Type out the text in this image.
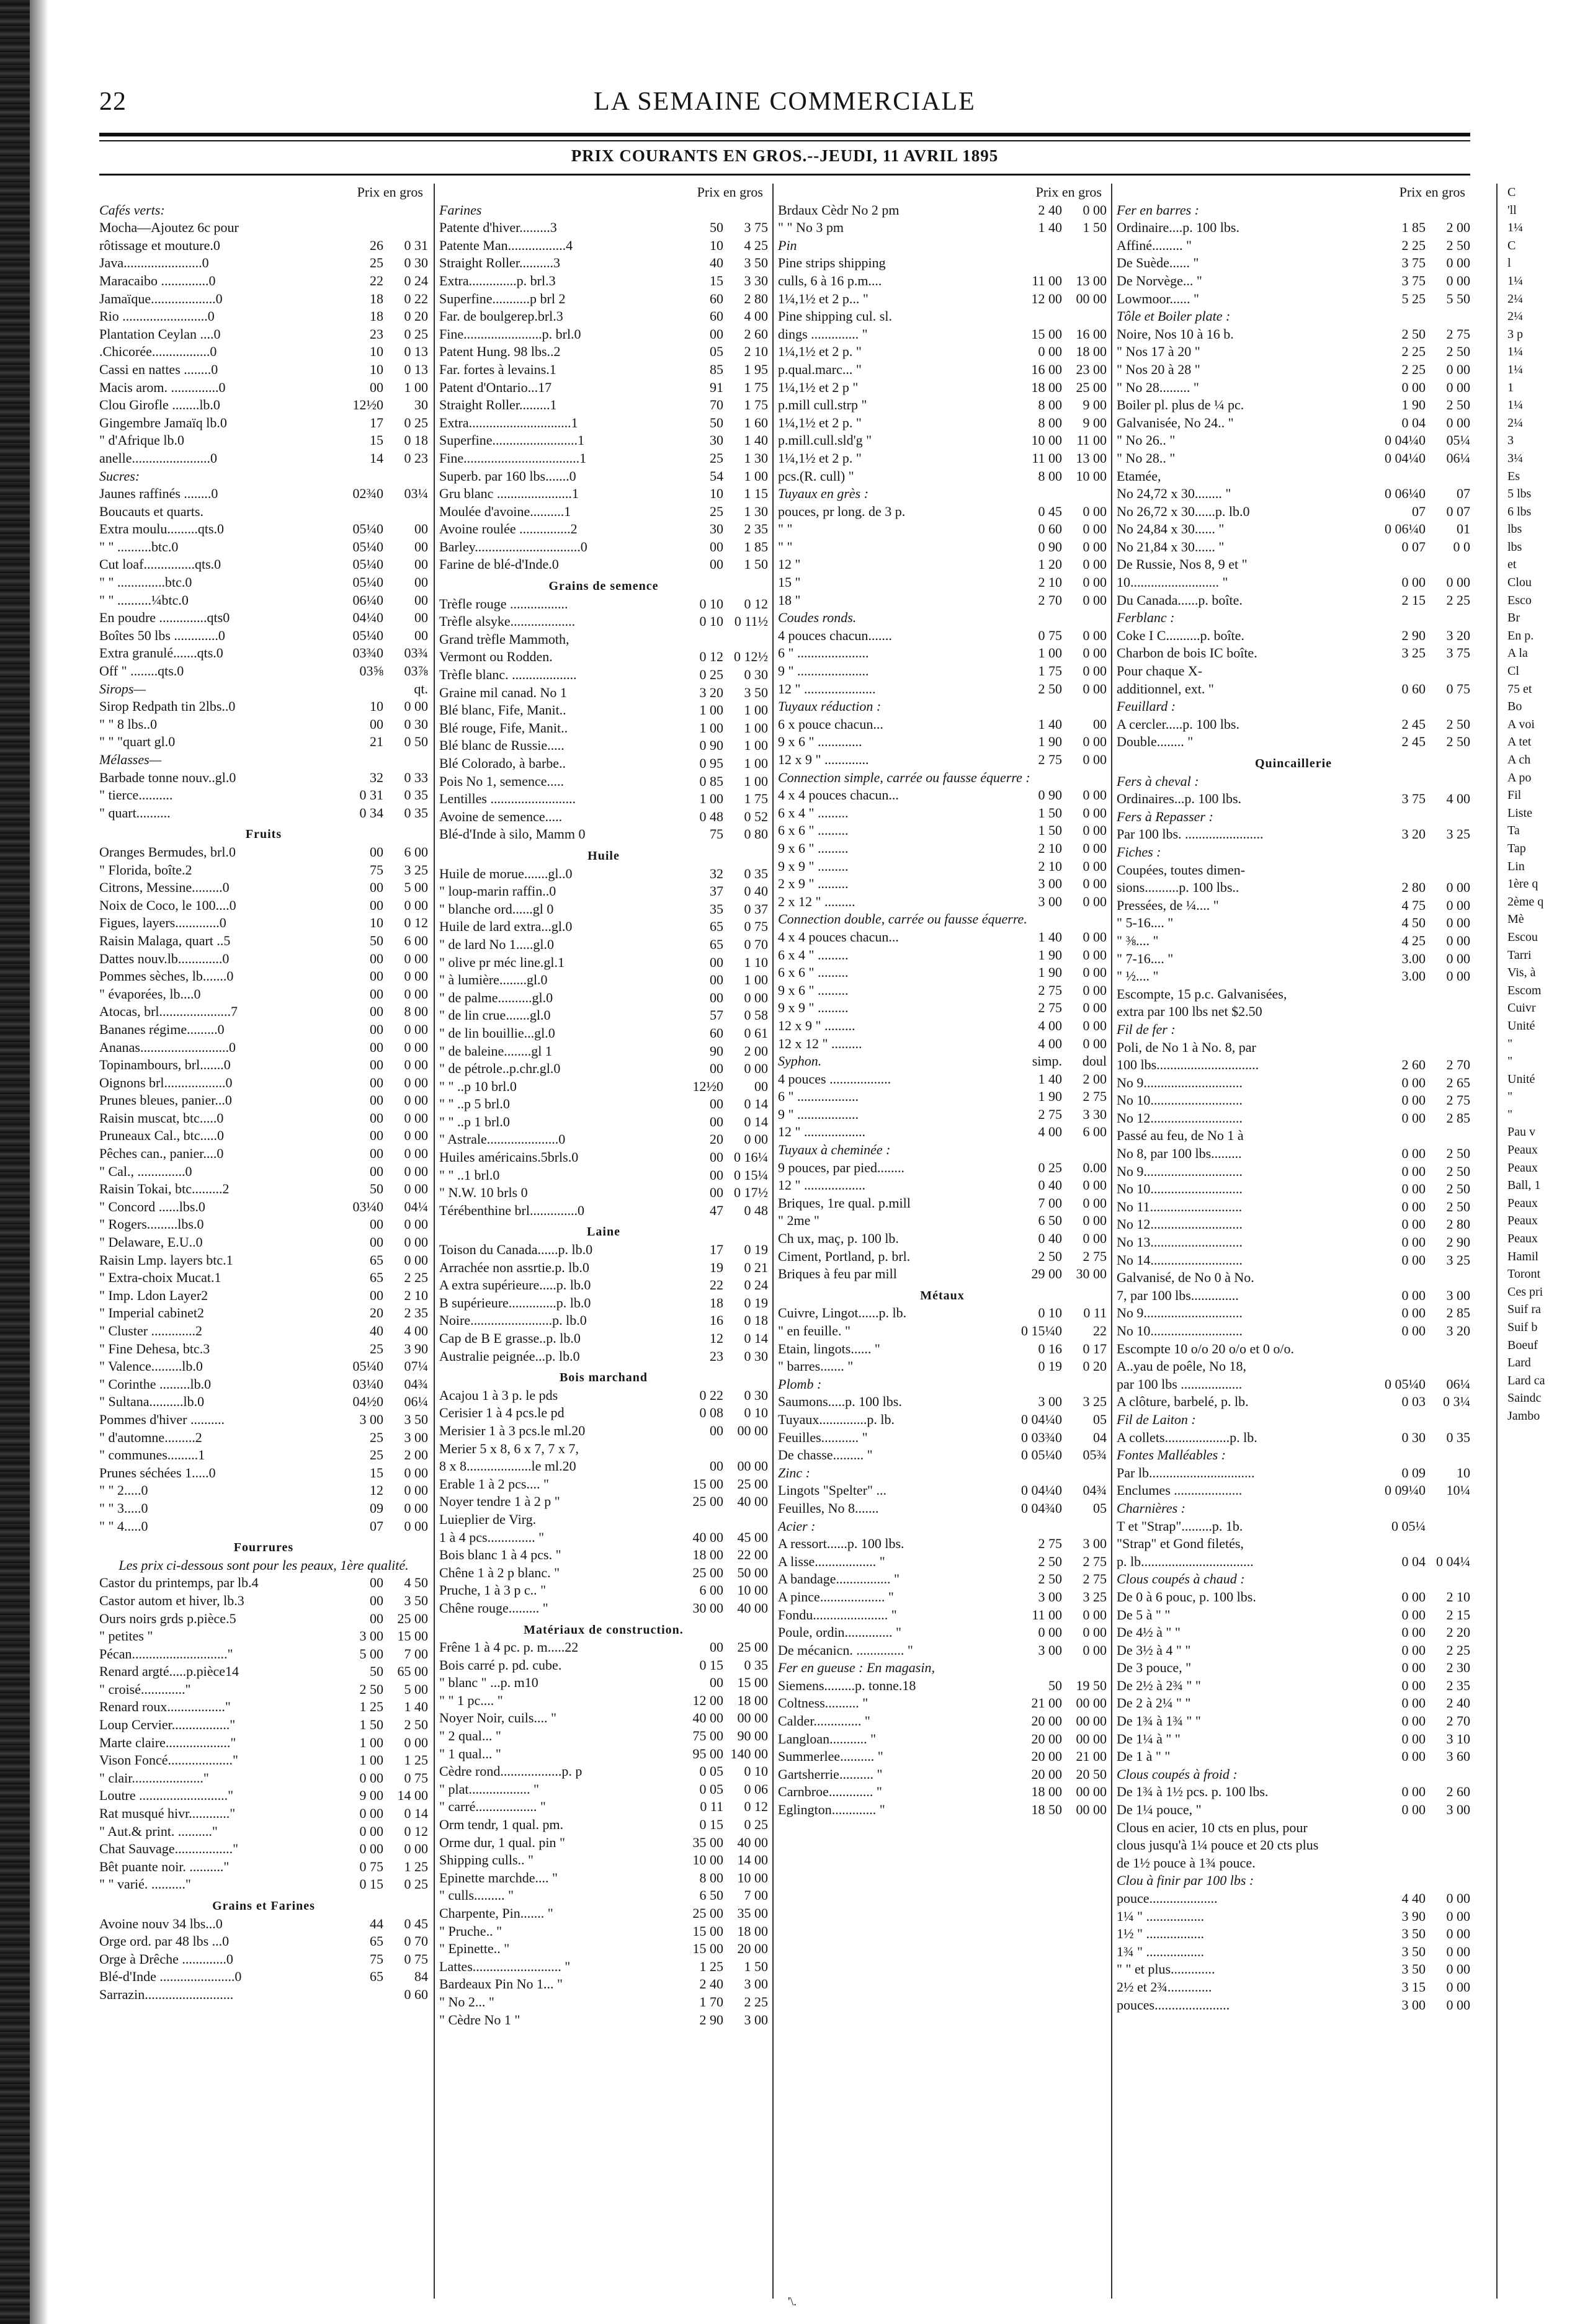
22	LA SEMAINE COMMERCIALE
PRIX COURANTS EN GROS.--JEUDI, 11 AVRIL 1895
Prix en gros
Cafés verts:
Mocha—Ajoutez 6c pour
rôtissage et mouture.0	26	0 31
Java.......................0	25	0 30
Maracaibo ..............0	22	0 24
Jamaïque...................0	18	0 22
Rio .........................0	18	0 20
Plantation Ceylan ....0	23	0 25
.Chicorée.................0	10	0 13
Cassi en nattes ........0	10	0 13
Macis arom. ..............0	00	1 00
Clou Girofle ........lb.0	12½0	30
Gingembre Jamaïq lb.0	17	0 25
" d'Afrique lb.0	15	0 18
anelle.......................0	14	0 23
Sucres:
Jaunes raffinés ........0	02¾0	03¼
Boucauts et quarts.
Extra moulu.........qts.0	05¼0	00
" " ..........btc.0	05¼0	00
Cut loaf...............qts.0	05¼0	00
" " ..............btc.0	05¼0	00
" " ..........¼btc.0	06¼0	00
En poudre ..............qts0	04¼0	00
Boîtes 50 lbs .............0	05¼0	00
Extra granulé.......qts.0	03¾0	03¾
Off " ........qts.0	03⅝	03⅞
Sirops—	qt.
Sirop Redpath tin 2lbs..0	10	0 00
" " 8 lbs..0	00	0 30
" " "quart gl.0	21	0 50
Mélasses—
Barbade tonne nouv..gl.0	32	0 33
" tierce..........	0 31	0 35
" quart..........	0 34	0 35
Fruits
Oranges Bermudes, brl.0	00	6 00
" Florida, boîte.2	75	3 25
Citrons, Messine.........0	00	5 00
Noix de Coco, le 100....0	00	0 00
Figues, layers.............0	10	0 12
Raisin Malaga, quart ..5	50	6 00
Dattes nouv.lb.............0	00	0 00
Pommes sèches, lb.......0	00	0 00
" évaporées, lb....0	00	0 00
Atocas, brl.....................7	00	8 00
Bananes régime.........0	00	0 00
Ananas..........................0	00	0 00
Topinambours, brl.......0	00	0 00
Oignons brl..................0	00	0 00
Prunes bleues, panier...0	00	0 00
Raisin muscat, btc.....0	00	0 00
Pruneaux Cal., btc.....0	00	0 00
Pêches can., panier....0	00	0 00
" Cal., ..............0	00	0 00
Raisin Tokai, btc.........2	50	0 00
" Concord ......lbs.0	03¼0	04¼
" Rogers.........lbs.0	00	0 00
" Delaware, E.U..0	00	0 00
Raisin Lmp. layers btc.1	65	0 00
" Extra-choix Mucat.1	65	2 25
" Imp. Ldon Layer2	00	2 10
" Imperial cabinet2	20	2 35
" Cluster .............2	40	4 00
" Fine Dehesa, btc.3	25	3 90
" Valence.........lb.0	05¼0	07¼
" Corinthe .........lb.0	03¼0	04¾
" Sultana..........lb.0	04½0	06¼
Pommes d'hiver ..........	3 00	3 50
" d'automne.........2	25	3 00
" communes.........1	25	2 00
Prunes séchées 1.....0	15	0 00
" " 2.....0	12	0 00
" " 3.....0	09	0 00
" " 4.....0	07	0 00
Fourrures
Les prix ci-dessous sont pour les peaux, 1ère qualité.
Castor du printemps, par lb.4	00	4 50
Castor autom et hiver, lb.3	00	3 50
Ours noirs grds p.pièce.5	00	25 00
" petites "	3 00	15 00
Pécan............................"	5 00	7 00
Renard argté.....p.pièce14	50	65 00
" croisé............."	2 50	5 00
Renard roux................."	1 25	1 40
Loup Cervier................."	1 50	2 50
Marte claire..................."	1 00	0 00
Vison Foncé..................."	1 00	1 25
" clair....................."	0 00	0 75
Loutre .........................."	9 00	14 00
Rat musqué hivr............"	0 00	0 14
" Aut.& print. .........."	0 00	0 12
Chat Sauvage................."	0 00	0 00
Bêt puante noir. .........."	0 75	1 25
" " varié. .........."	0 15	0 25
Grains et Farines
Avoine nouv 34 lbs...0	44	0 45
Orge ord. par 48 lbs ...0	65	0 70
Orge à Drêche .............0	75	0 75
Blé-d'Inde ......................0	65	84
Sarrazin..........................	0 60
Prix en gros
Farines
Patente d'hiver.........3	50	3 75
Patente Man.................4	10	4 25
Straight Roller..........3	40	3 50
Extra..............p. brl.3	15	3 30
Superfine...........p brl 2	60	2 80
Far. de boulgerep.brl.3	60	4 00
Fine.......................p. brl.0	00	2 60
Patent Hung. 98 lbs..2	05	2 10
Far. fortes à levains.1	85	1 95
Patent d'Ontario...17	91	1 75
Straight Roller.........1	70	1 75
Extra..............................1	50	1 60
Superfine.........................1	30	1 40
Fine..................................1	25	1 30
Superb. par 160 lbs.......0	54	1 00
Gru blanc ......................1	10	1 15
Moulée d'avoine..........1	25	1 30
Avoine roulée ...............2	30	2 35
Barley...............................0	00	1 85
Farine de blé-d'Inde.0	00	1 50
Grains de semence
Trèfle rouge .................	0 10	0 12
Trèfle alsyke...................	0 10 0 11½
Grand trèfle Mammoth,
Vermont ou Rodden.	0 12 0 12½
Trèfle blanc. ...................	0 25	0 30
Graine mil canad. No 1	3 20	3 50
Blé blanc, Fife, Manit..	1 00	1 00
Blé rouge, Fife, Manit..	1 00	1 00
Blé blanc de Russie.....	0 90	1 00
Blé Colorado, à barbe..	0 95	1 00
Pois No 1, semence.....	0 85	1 00
Lentilles .........................	1 00	1 75
Avoine de semence.....	0 48	0 52
Blé-d'Inde à silo, Mamm 0	75	0 80
Huile
Huile de morue.......gl..0	32	0 35
" loup-marin raffin..0	37	0 40
" blanche ord......gl 0	35	0 37
Huile de lard extra...gl.0	65	0 75
" de lard No 1.....gl.0	65	0 70
" olive pr méc line.gl.1	00	1 10
" à lumière........gl.0	00	1 00
" de palme..........gl.0	00	0 00
" de lin crue.......gl.0	57	0 58
" de lin bouillie...gl.0	60	0 61
" de baleine........gl 1	90	2 00
" de pétrole..p.chr.gl.0	00	0 00
" " ..p 10 brl.0	12½0	00
" " ..p 5 brl.0	00	0 14
" " ..p 1 brl.0	00	0 14
" Astrale.....................0	20	0 00
Huiles américains.5brls.0	00 0 16¼
" " ..1 brl.0	00 0 15¼
" N.W. 10 brls 0	00 0 17½
Térébenthine brl..............0	47	0 48
Laine
Toison du Canada......p. lb.0	17	0 19
Arrachée non assrtie.p. lb.0	19	0 21
A extra supérieure.....p. lb.0	22	0 24
B supérieure..............p. lb.0	18	0 19
Noire........................p. lb.0	16	0 18
Cap de B E grasse..p. lb.0	12	0 14
Australie peignée...p. lb.0	23	0 30
Bois marchand
Acajou 1 à 3 p. le pds	0 22	0 30
Cerisier 1 à 4 pcs.le pd	0 08	0 10
Merisier 1 à 3 pcs.le ml.20	00	00 00
Merier 5 x 8, 6 x 7, 7 x 7,
8 x 8...................le ml.20	00	00 00
Erable 1 à 2 pcs.... "	15 00	25 00
Noyer tendre 1 à 2 p "	25 00	40 00
Luieplier de Virg.
1 à 4 pcs.............. "	40 00	45 00
Bois blanc 1 à 4 pcs. "	18 00	22 00
Chêne 1 à 2 p blanc. "	25 00	50 00
Pruche, 1 à 3 p c.. "	6 00	10 00
Chêne rouge......... "	30 00	40 00
Matériaux de construction.
Frêne 1 à 4 pc. p. m.....22	00	25 00
Bois carré p. pd. cube.	0 15	0 35
" blanc " ...p. m10	00	15 00
" " 1 pc.... "	12 00	18 00
Noyer Noir, cuils.... "	40 00	00 00
" 2 qual... "	75 00	90 00
" 1 qual... "	95 00 140 00
Cèdre rond..................p. p	0 05	0 10
" plat.................. "	0 05	0 06
" carré.................. "	0 11	0 12
Orm tendr, 1 qual. pm.	0 15	0 25
Orme dur, 1 qual. pin "	35 00	40 00
Shipping culls.. "	10 00	14 00
Epinette marchde.... "	8 00	10 00
" culls......... "	6 50	7 00
Charpente, Pin....... "	25 00	35 00
" Pruche.. "	15 00	18 00
" Epinette.. "	15 00	20 00
Lattes.......................... "	1 25	1 50
Bardeaux Pin No 1... "	2 40	3 00
" No 2... "	1 70	2 25
" Cèdre No 1 "	2 90	3 00
Prix en gros
Brdaux Cèdr No 2 pm	2 40	0 00
" " No 3 pm	1 40	1 50
Pin
Pine strips shipping
culls, 6 à 16 p.m....	11 00	13 00
1¼,1½ et 2 p... "	12 00	00 00
Pine shipping cul. sl.
dings .............. "	15 00	16 00
1¼,1½ et 2 p. "	0 00	18 00
p.qual.marc... "	16 00	23 00
1¼,1½ et 2 p "	18 00	25 00
p.mill cull.strp "	8 00	9 00
1¼,1½ et 2 p. "	8 00	9 00
p.mill.cull.sld'g "	10 00	11 00
1¼,1½ et 2 p. "	11 00	13 00
pcs.(R. cull) "	8 00	10 00
Tuyaux en grès :
pouces, pr long. de 3 p.	0 45	0 00
" "	0 60	0 00
" "	0 90	0 00
12 "	1 20	0 00
15 "	2 10	0 00
18 "	2 70	0 00
Coudes ronds.
4 pouces chacun.......	0 75	0 00
6 " .....................	1 00	0 00
9 " .....................	1 75	0 00
12 " .....................	2 50	0 00
Tuyaux réduction :
6 x pouce chacun...	1 40	00
9 x 6 " .............	1 90	0 00
12 x 9 " .............	2 75	0 00
Connection simple, carrée ou fausse équerre :
4 x 4 pouces chacun...	0 90	0 00
6 x 4 " .........	1 50	0 00
6 x 6 " .........	1 50	0 00
9 x 6 " .........	2 10	0 00
9 x 9 " .........	2 10	0 00
2 x 9 " .........	3 00	0 00
2 x 12 " .........	3 00	0 00
Connection double, carrée ou fausse équerre.
4 x 4 pouces chacun...	1 40	0 00
6 x 4 " .........	1 90	0 00
6 x 6 " .........	1 90	0 00
9 x 6 " .........	2 75	0 00
9 x 9 " .........	2 75	0 00
12 x 9 " .........	4 00	0 00
12 x 12 " .........	4 00	0 00
Syphon.	simp.	doul
4 pouces ..................	1 40	2 00
6 " ..................	1 90	2 75
9 " ..................	2 75	3 30
12 " ..................	4 00	6 00
Tuyaux à cheminée :
9 pouces, par pied........	0 25	0.00
12 " ..................	0 40	0 00
Briques, 1re qual. p.mill	7 00	0 00
" 2me "	6 50	0 00
Ch ux, maç, p. 100 lb.	0 40	0 00
Ciment, Portland, p. brl.	2 50	2 75
Briques à feu par mill	29 00	30 00
Métaux
Cuivre, Lingot......p. lb.	0 10	0 11
" en feuille. "	0 15¼0	22
Etain, lingots...... "	0 16	0 17
" barres....... "	0 19	0 20
Plomb :
Saumons.....p. 100 lbs.	3 00	3 25
Tuyaux..............p. lb.	0 04¼0	05
Feuilles........... "	0 03¾0	04
De chasse......... "	0 05¼0	05¾
Zinc :
Lingots "Spelter" ...	0 04¼0	04¾
Feuilles, No 8.......	0 04¾0	05
Acier :
A ressort......p. 100 lbs.	2 75	3 00
A lisse.................. "	2 50	2 75
A bandage................ "	2 50	2 75
A pince................... "	3 00	3 25
Fondu...................... "	11 00	0 00
Poule, ordin.............. "	0 00	0 00
De mécanicn. .............. "	3 00	0 00
Fer en gueuse : En magasin,
Siemens.........p. tonne.18	50	19 50
Coltness.......... "	21 00	00 00
Calder.............. "	20 00	00 00
Langloan........... "	20 00	00 00
Summerlee.......... "	20 00	21 00
Gartsherrie.......... "	20 00	20 50
Carnbroe............. "	18 00	00 00
Eglington............. "	18 50	00 00
Prix en gros
Fer en barres :
Ordinaire....p. 100 lbs.	1 85	2 00
Affiné......... "	2 25	2 50
De Suède...... "	3 75	0 00
De Norvège... "	3 75	0 00
Lowmoor...... "	5 25	5 50
Tôle et Boiler plate :
Noire, Nos 10 à 16 b.	2 50	2 75
" Nos 17 à 20 "	2 25	2 50
" Nos 20 à 28 "	2 25	0 00
" No 28......... "	0 00	0 00
Boiler pl. plus de ¼ pc.	1 90	2 50
Galvanisée, No 24.. "	0 04	0 00
" No 26.. "	0 04¼0	05¼
" No 28.. "	0 04¼0	06¼
Etamée,
No 24,72 x 30........ "	0 06¼0	07
No 26,72 x 30......p. lb.0	07	0 07
No 24,84 x 30...... "	0 06¼0	01
No 21,84 x 30...... "	0 07	0 0
De Russie, Nos 8, 9 et "
10.......................... "	0 00	0 00
Du Canada......p. boîte.	2 15	2 25
Ferblanc :
Coke I C..........p. boîte.	2 90	3 20
Charbon de bois IC boîte.	3 25	3 75
Pour chaque X-
additionnel, ext. "	0 60	0 75
Feuillard :
A cercler.....p. 100 lbs.	2 45	2 50
Double........ "	2 45	2 50
Quincaillerie
Fers à cheval :
Ordinaires...p. 100 lbs.	3 75	4 00
Fers à Repasser :
Par 100 lbs. .......................	3 20	3 25
Fiches :
Coupées, toutes dimen-
sions..........p. 100 lbs..	2 80	0 00
Pressées, de ¼.... "	4 75	0 00
" 5-16.... "	4 50	0 00
" ⅜.... "	4 25	0 00
" 7-16.... "	3.00	0 00
" ½.... "	3.00	0 00
Escompte, 15 p.c. Galvanisées,
extra par 100 lbs net $2.50
Fil de fer :
Poli, de No 1 à No. 8, par
100 lbs..............................	2 60	2 70
No 9.............................	0 00	2 65
No 10...........................	0 00	2 75
No 12...........................	0 00	2 85
Passé au feu, de No 1 à
No 8, par 100 lbs.........	0 00	2 50
No 9.............................	0 00	2 50
No 10...........................	0 00	2 50
No 11...........................	0 00	2 50
No 12...........................	0 00	2 80
No 13...........................	0 00	2 90
No 14...........................	0 00	3 25
Galvanisé, de No 0 à No.
7, par 100 lbs..............	0 00	3 00
No 9.............................	0 00	2 85
No 10...........................	0 00	3 20
Escompte 10 o/o 20 o/o et 0 o/o.
A..yau de poêle, No 18,
par 100 lbs ..................	0 05¼0	06¼
A clôture, barbelé, p. lb.	0 03	0 3¼
Fil de Laiton :
A collets...................p. lb.	0 30	0 35
Fontes Malléables :
Par lb...............................	0 09	10
Enclumes ....................	0 09¼0	10¼
Charnières :
T et "Strap".........p. 1b.	0 05¼
"Strap" et Gond filetés,
p. lb.................................	0 04 0 04¼
Clous coupés à chaud :
De 0 à 6 pouc, p. 100 lbs.	0 00	2 10
De 5 à " "	0 00	2 15
De 4½ à " "	0 00	2 20
De 3½ à 4 " "	0 00	2 25
De 3 pouce, "	0 00	2 30
De 2½ à 2¾ " "	0 00	2 35
De 2 à 2¼ " "	0 00	2 40
De 1¾ à 1¾ " "	0 00	2 70
De 1¼ à " "	0 00	3 10
De 1 à " "	0 00	3 60
Clous coupés à froid :
De 1¾ à 1½ pcs. p. 100 lbs.	0 00	2 60
De 1¼ pouce, "	0 00	3 00
Clous en acier, 10 cts en plus, pour
clous jusqu'à 1¼ pouce et 20 cts plus
de 1½ pouce à 1¾ pouce.
Clou à finir par 100 lbs :
pouce....................	4 40	0 00
1¼ " .................	3 90	0 00
1½ " .................	3 50	0 00
1¾ " .................	3 50	0 00
" " et plus.............	3 50	0 00
2½ et 2¾.............	3 15	0 00
pouces......................	3 00	0 00
C
'll
1¼
C
l
1¼
2¼
2¼
3 p
1¼
1¼
1
1¼
2¼
3
3¼
Es
5 lbs
6 lbs
lbs
lbs
et
Clou
Esco
Br
En p.
A la
Cl
75 et
Bo
A voi
A tet
A ch
A po
Fil
Liste
Ta
Tap
Lin
1ère q
2ème q
Mè
Escou
Tarri
Vis, à
Escom
Cuivr
Unité
"
"
Unité
"
"
Pau v
Peaux
Peaux
Ball, 1
Peaux
Peaux
Peaux
Hamil
Toront
Ces pri
Suif ra
Suif b
Boeuf
Lard
Lard ca
Saindc
Jambo
'\.
